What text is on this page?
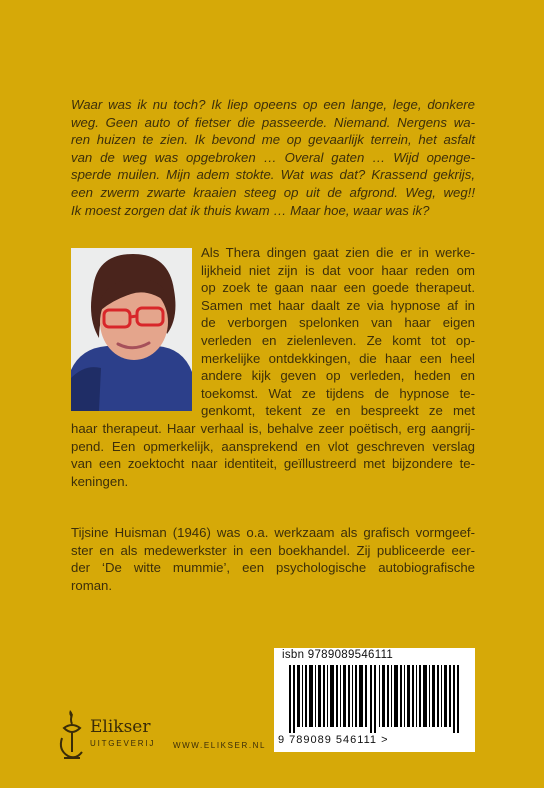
Waar was ik nu toch? Ik liep opeens op een lange, lege, donkere
weg. Geen auto of fietser die passeerde. Niemand. Nergens wa-
ren huizen te zien. Ik bevond me op gevaarlijk terrein, het asfalt
van de weg was opgebroken … Overal gaten … Wijd openge-
sperde muilen. Mijn adem stokte. Wat was dat? Krassend gekrijs,
een zwerm zwarte kraaien steeg op uit de afgrond. Weg, weg!!
Ik moest zorgen dat ik thuis kwam … Maar hoe, waar was ik?
Als Thera dingen gaat zien die er in werke-
lijkheid niet zijn is dat voor haar reden om
op zoek te gaan naar een goede therapeut.
Samen met haar daalt ze via hypnose af in
de verborgen spelonken van haar eigen
verleden en zielenleven. Ze komt tot op-
merkelijke ontdekkingen, die haar een heel
andere kijk geven op verleden, heden en
toekomst. Wat ze tijdens de hypnose te-
genkomt, tekent ze en bespreekt ze met
haar therapeut. Haar verhaal is, behalve zeer poëtisch, erg aangrij-
pend. Een opmerkelijk, aansprekend en vlot geschreven verslag
van een zoektocht naar identiteit, geïllustreerd met bijzondere te-
keningen.
Tijsine Huisman (1946) was o.a. werkzaam als grafisch vormgeef-
ster en als medewerkster in een boekhandel. Zij publiceerde eer-
der ‘De witte mummie’, een psychologische autobiografische
roman.
isbn 9789089546111
9 789089 546111 >
Elikser
UITGEVERIJ WWW.ELIKSER.NL
